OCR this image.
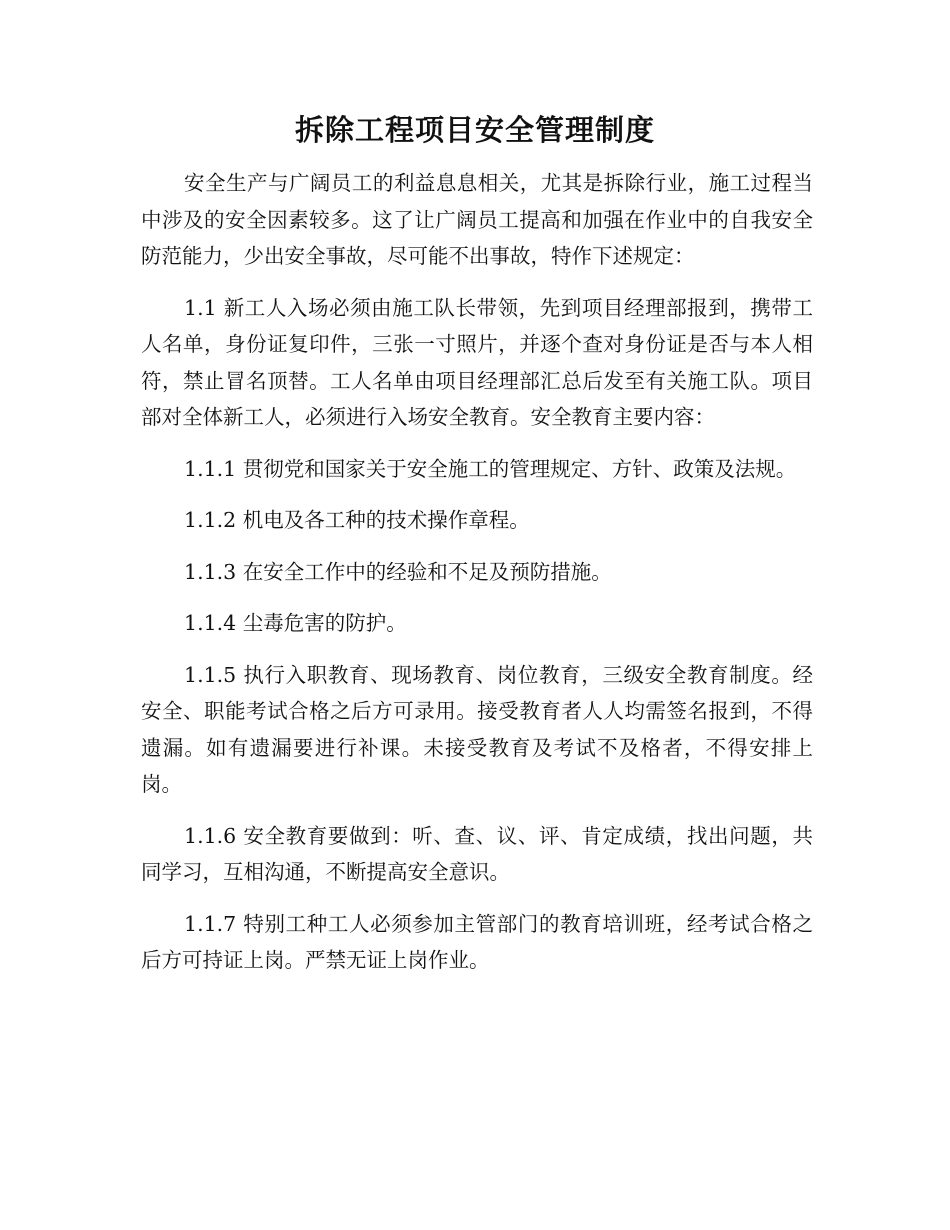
拆除工程项目安全管理制度

安全生产与广阔员工的利益息息相关，尤其是拆除行业，施工过程当中涉及的安全因素较多。这了让广阔员工提高和加强在作业中的自我安全防范能力，少出安全事故，尽可能不出事故，特作下述规定：

1.1 新工人入场必须由施工队长带领，先到项目经理部报到，携带工人名单，身份证复印件，三张一寸照片，并逐个查对身份证是否与本人相符，禁止冒名顶替。工人名单由项目经理部汇总后发至有关施工队。项目部对全体新工人，必须进行入场安全教育。安全教育主要内容：

1.1.1 贯彻党和国家关于安全施工的管理规定、方针、政策及法规。

1.1.2 机电及各工种的技术操作章程。

1.1.3 在安全工作中的经验和不足及预防措施。

1.1.4 尘毒危害的防护。

1.1.5 执行入职教育、现场教育、岗位教育，三级安全教育制度。经安全、职能考试合格之后方可录用。接受教育者人人均需签名报到，不得遗漏。如有遗漏要进行补课。未接受教育及考试不及格者，不得安排上岗。

1.1.6 安全教育要做到：听、查、议、评、肯定成绩，找出问题，共同学习，互相沟通，不断提高安全意识。

1.1.7 特别工种工人必须参加主管部门的教育培训班，经考试合格之后方可持证上岗。严禁无证上岗作业。
